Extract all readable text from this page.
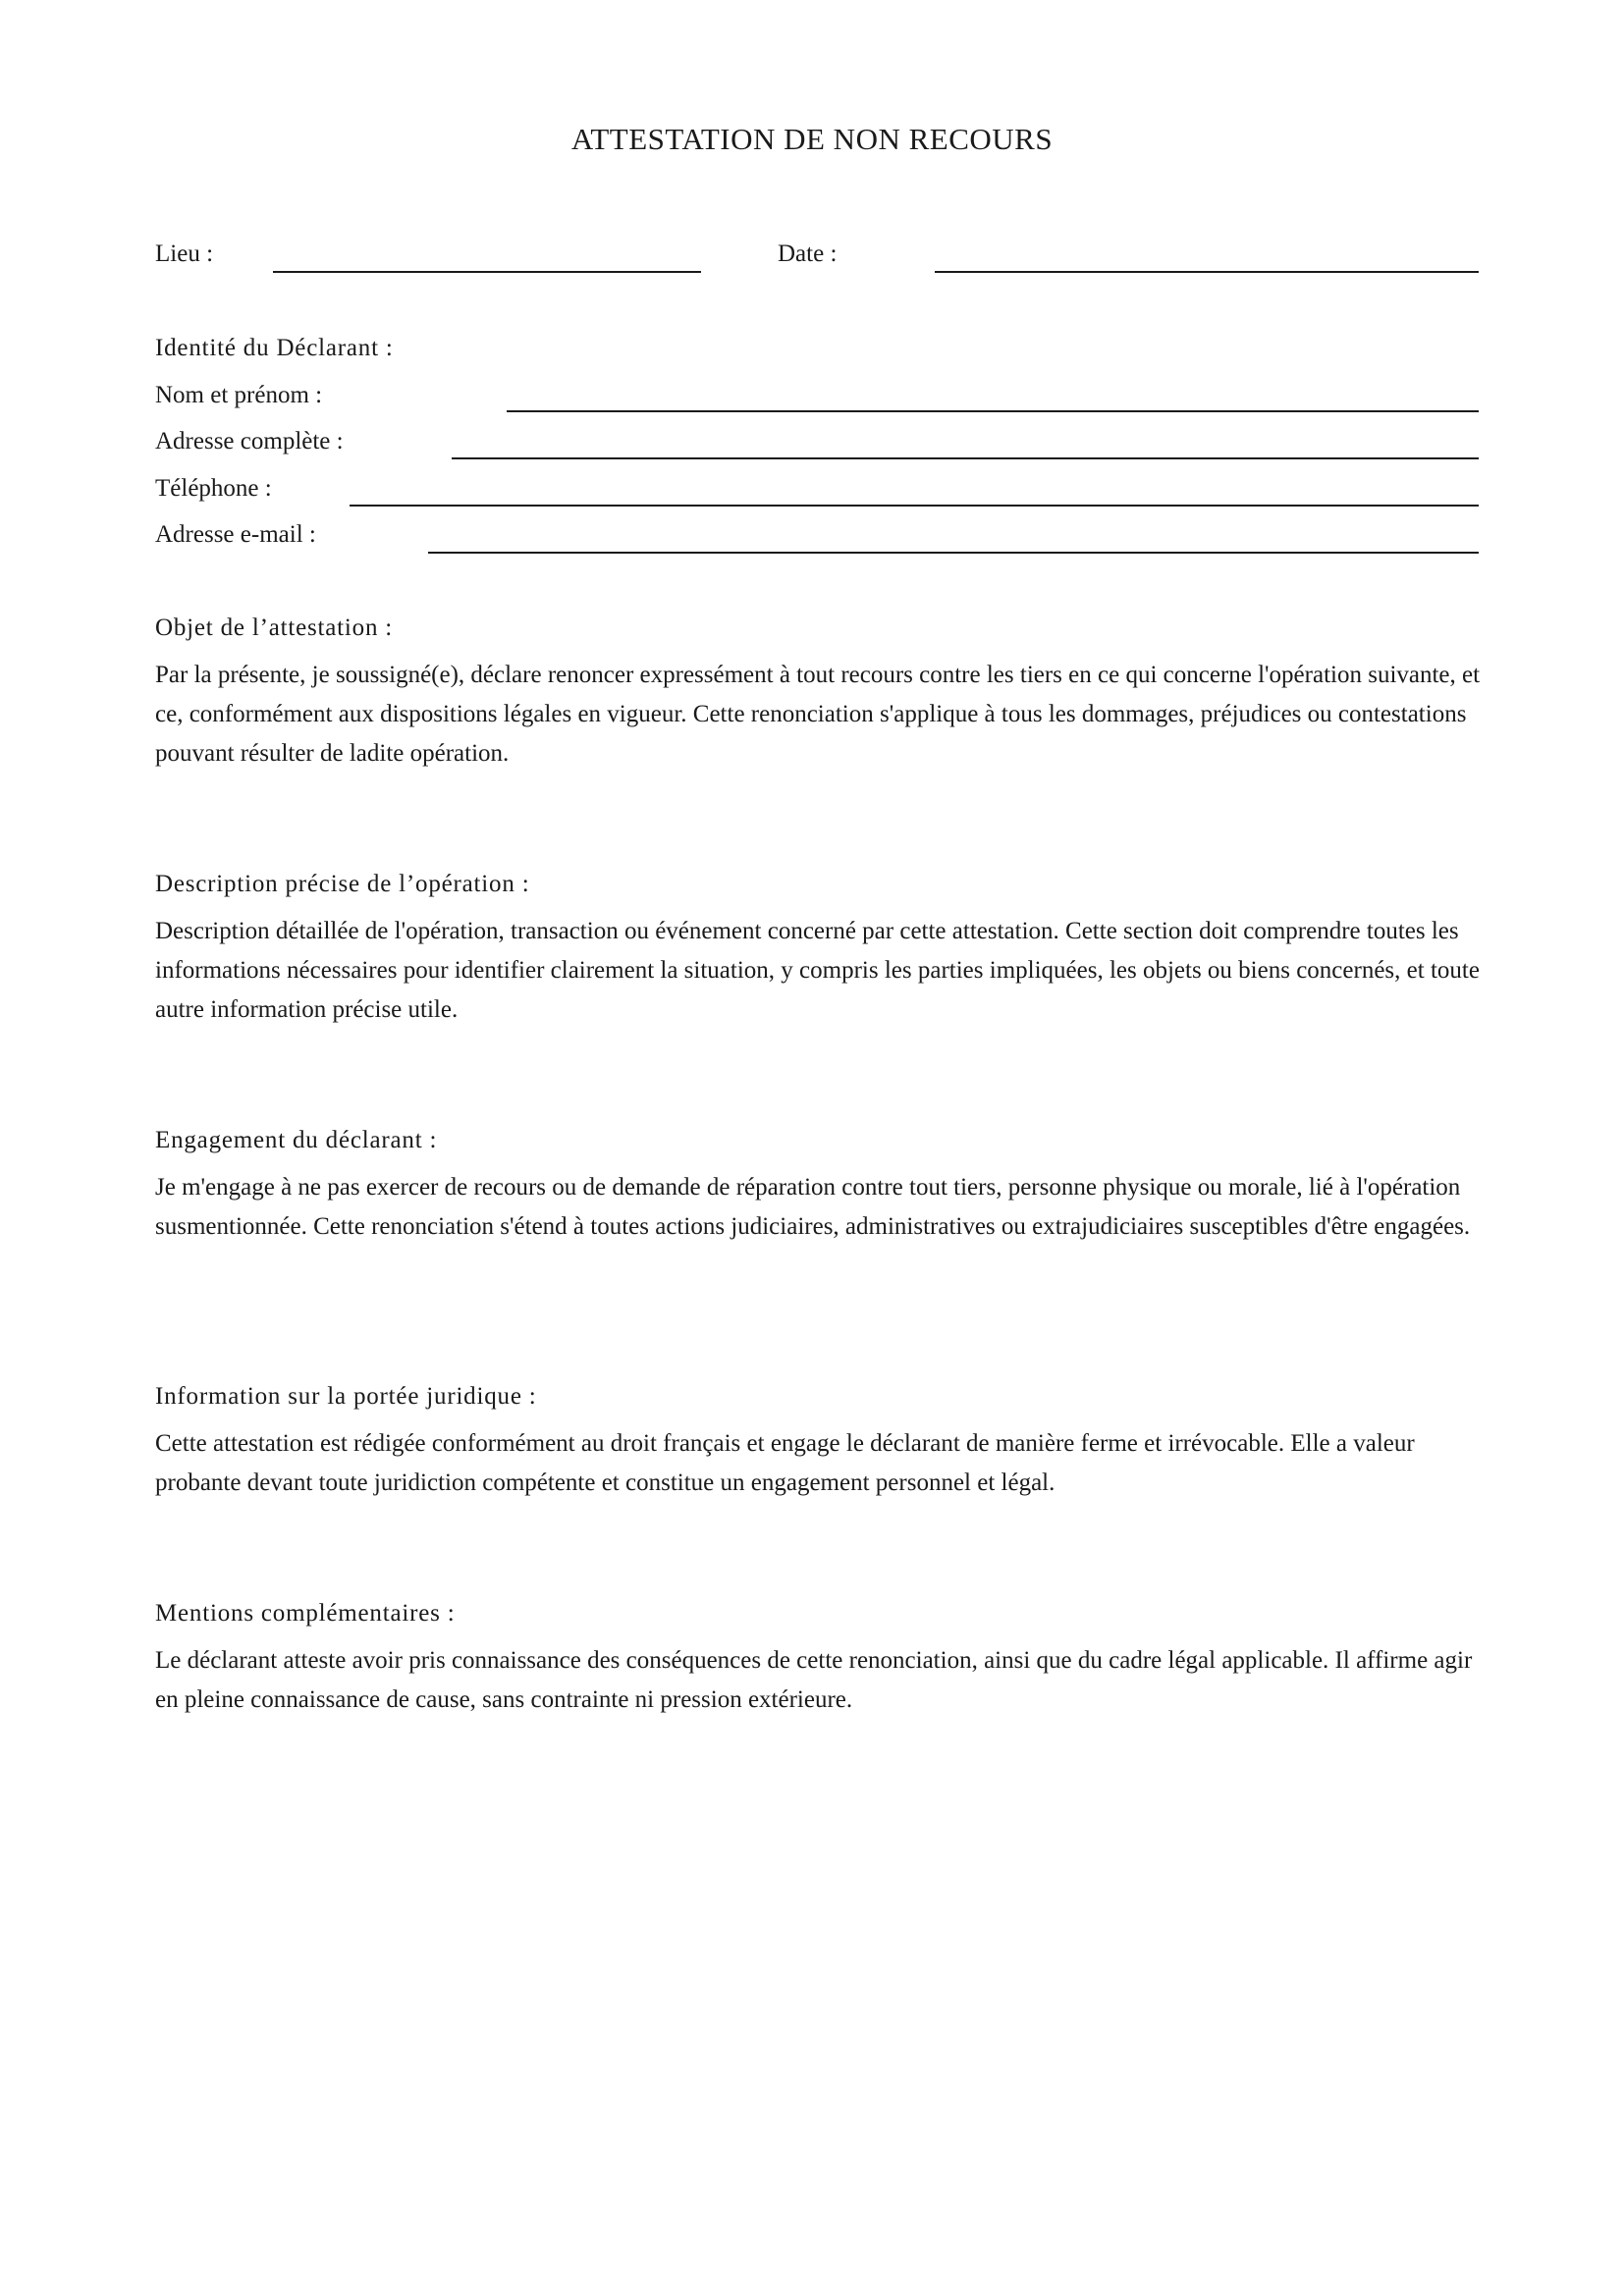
ATTESTATION DE NON RECOURS
Lieu :	Date :
Identité du Déclarant :
Nom et prénom :
Adresse complète :
Téléphone :
Adresse e-mail :
Objet de l’attestation :

Par la présente, je soussigné(e), déclare renoncer expressément à tout recours contre les tiers en ce qui concerne l'opération suivante, et ce, conformément aux dispositions légales en vigueur. Cette renonciation s'applique à tous les dommages, préjudices ou contestations pouvant résulter de ladite opération.

Description précise de l’opération :

Description détaillée de l'opération, transaction ou événement concerné par cette attestation. Cette section doit comprendre toutes les informations nécessaires pour identifier clairement la situation, y compris les parties impliquées, les objets ou biens concernés, et toute autre information précise utile.

Engagement du déclarant :

Je m'engage à ne pas exercer de recours ou de demande de réparation contre tout tiers, personne physique ou morale, lié à l'opération susmentionnée. Cette renonciation s'étend à toutes actions judiciaires, administratives ou extrajudiciaires susceptibles d'être engagées.

Information sur la portée juridique :

Cette attestation est rédigée conformément au droit français et engage le déclarant de manière ferme et irrévocable. Elle a valeur probante devant toute juridiction compétente et constitue un engagement personnel et légal.

Mentions complémentaires :

Le déclarant atteste avoir pris connaissance des conséquences de cette renonciation, ainsi que du cadre légal applicable. Il affirme agir en pleine connaissance de cause, sans contrainte ni pression extérieure.
